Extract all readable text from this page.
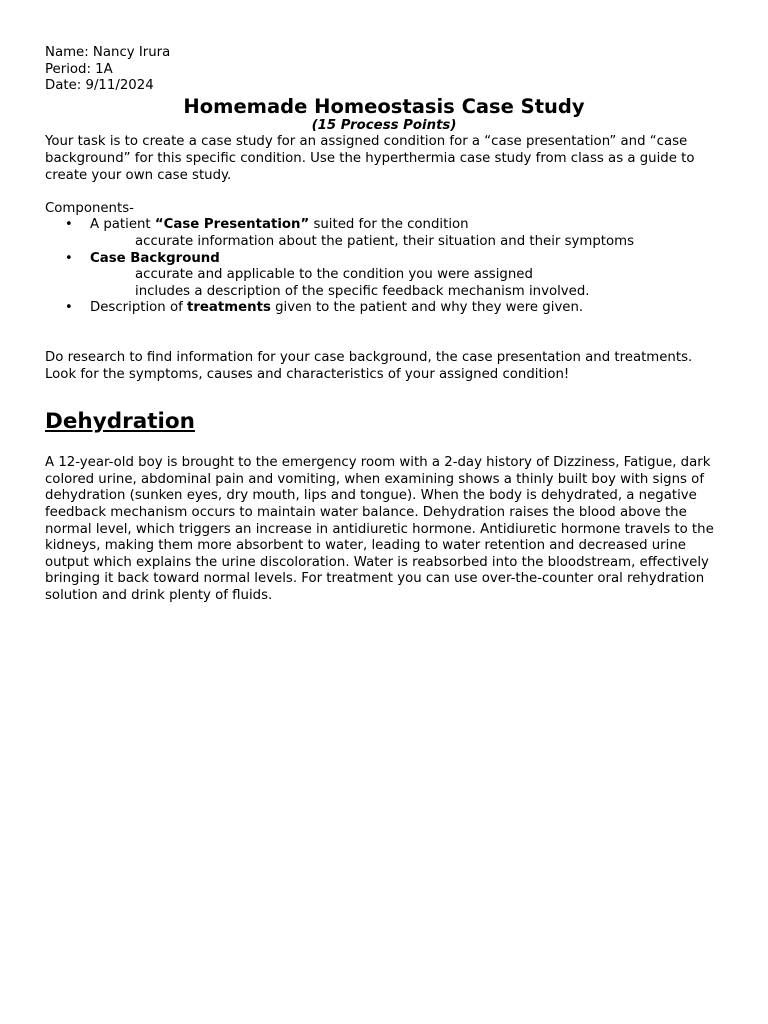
Name: Nancy Irura

Period: 1A

Date: 9/11/2024

Homemade Homeostasis Case Study

(15 Process Points)

Your task is to create a case study for an assigned condition for a “case presentation” and “case background” for this specific condition. Use the hyperthermia case study from class as a guide to create your own case study.

Components-

• A patient “Case Presentation” suited for the condition
accurate information about the patient, their situation and their symptoms
• Case Background
accurate and applicable to the condition you were assigned
includes a description of the specific feedback mechanism involved.
• Description of treatments given to the patient and why they were given.

Do research to find information for your case background, the case presentation and treatments. Look for the symptoms, causes and characteristics of your assigned condition!

Dehydration

A 12-year-old boy is brought to the emergency room with a 2-day history of Dizziness, Fatigue, dark colored urine, abdominal pain and vomiting, when examining shows a thinly built boy with signs of dehydration (sunken eyes, dry mouth, lips and tongue). When the body is dehydrated, a negative feedback mechanism occurs to maintain water balance. Dehydration raises the blood above the normal level, which triggers an increase in antidiuretic hormone. Antidiuretic hormone travels to the kidneys, making them more absorbent to water, leading to water retention and decreased urine output which explains the urine discoloration. Water is reabsorbed into the bloodstream, effectively bringing it back toward normal levels. For treatment you can use over-the-counter oral rehydration solution and drink plenty of fluids.
